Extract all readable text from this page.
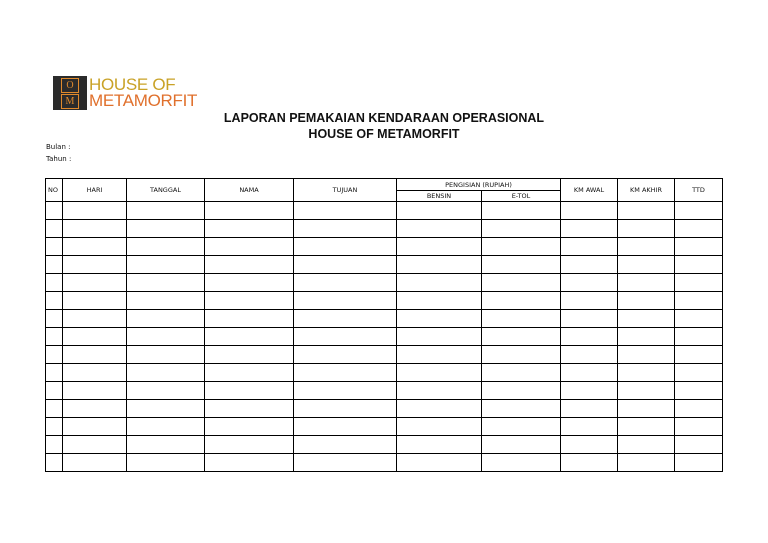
O
M
HOUSE OF
METAMORFIT
LAPORAN PEMAKAIAN KENDARAAN OPERASIONAL
HOUSE OF METAMORFIT
Bulan :
Tahun :
NO	HARI	TANGGAL	NAMA	TUJUAN	PENGISIAN (RUPIAH)		KM AWAL	KM AKHIR	TTD
					BENSIN	E-TOL			
